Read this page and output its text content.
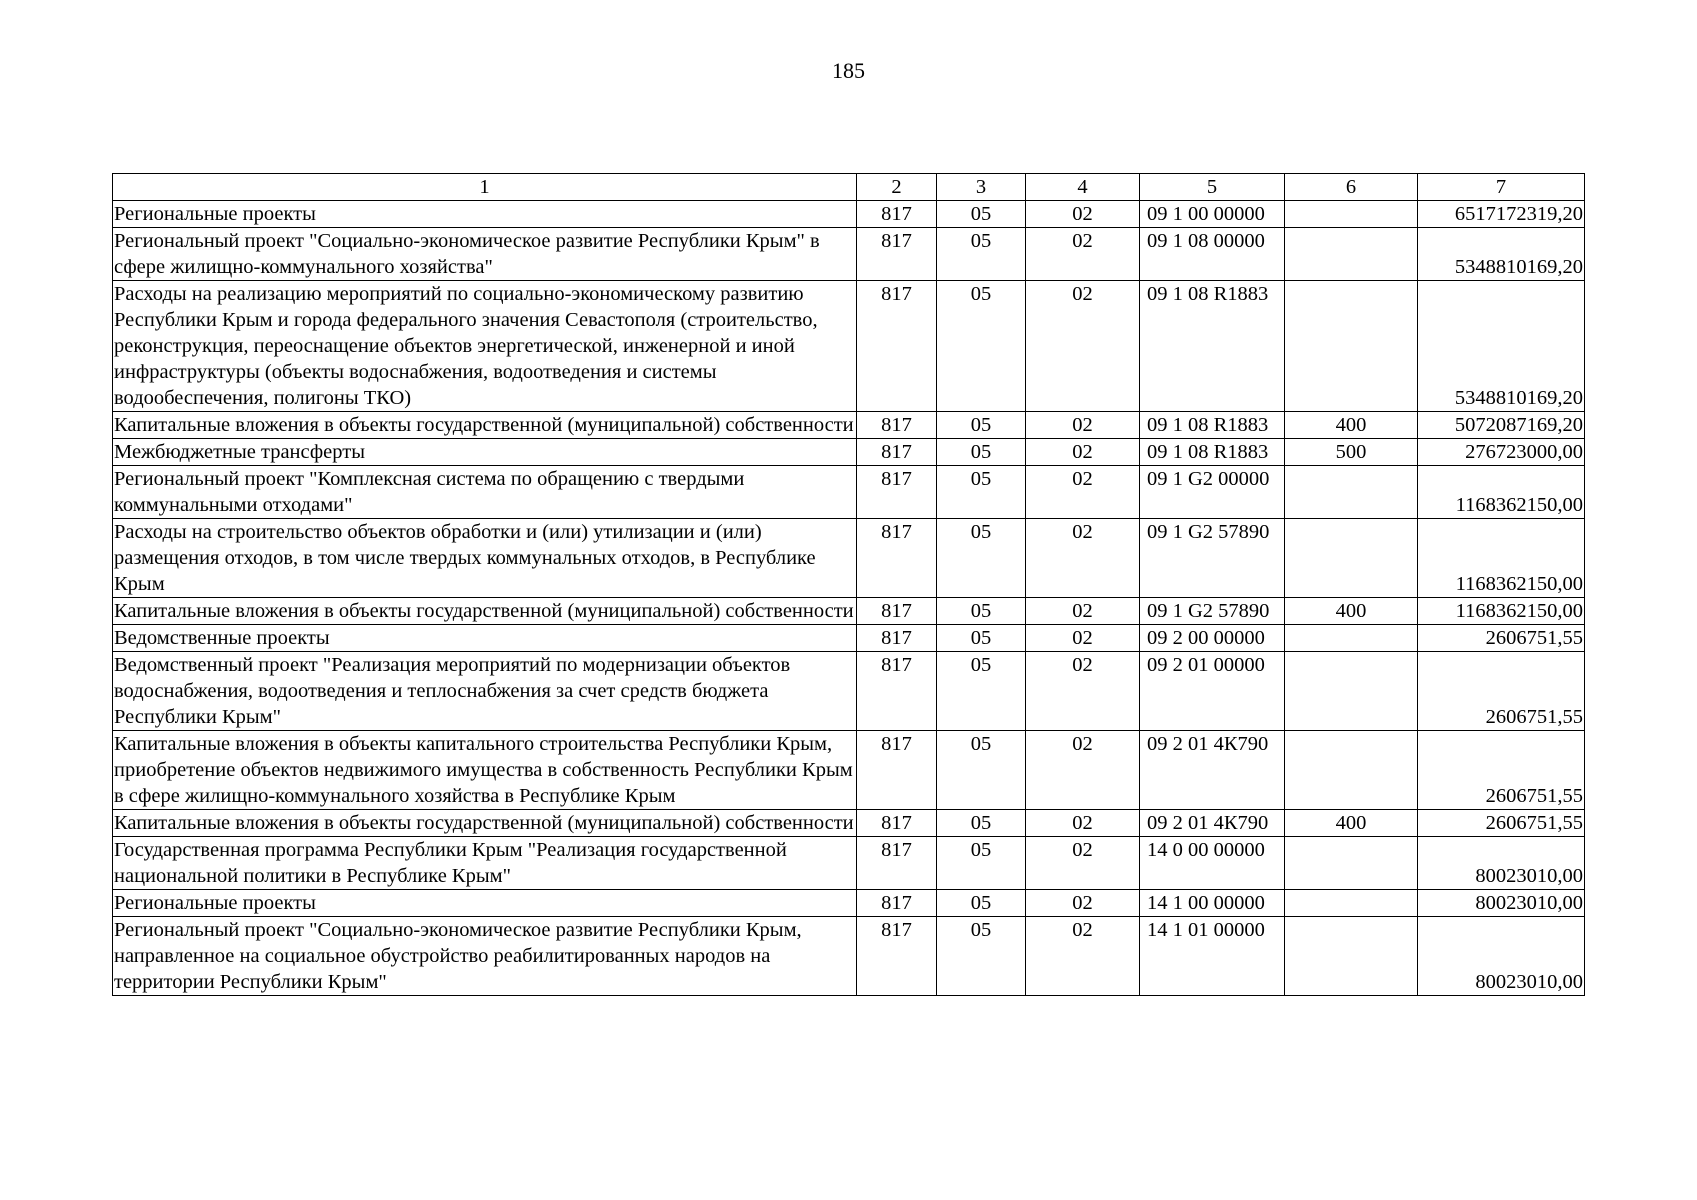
185
1	2	3	4	5	6	7
Региональные проекты	817	05	02	09 1 00 00000		6517172319,20
Региональный проект "Социально-экономическое развитие Республики Крым" в сфере жилищно-коммунального хозяйства"	817	05	02	09 1 08 00000		5348810169,20
Расходы на реализацию мероприятий по социально-экономическому развитию Республики Крым и города федерального значения Севастополя (строительство, реконструкция, переоснащение объектов энергетической, инженерной и иной инфраструктуры (объекты водоснабжения, водоотведения и системы водообеспечения, полигоны ТКО)	817	05	02	09 1 08 R1883		5348810169,20
Капитальные вложения в объекты государственной (муниципальной) собственности	817	05	02	09 1 08 R1883	400	5072087169,20
Межбюджетные трансферты	817	05	02	09 1 08 R1883	500	276723000,00
Региональный проект "Комплексная система по обращению с твердыми коммунальными отходами"	817	05	02	09 1 G2 00000		1168362150,00
Расходы на строительство объектов обработки и (или) утилизации и (или) размещения отходов, в том числе твердых коммунальных отходов, в Республике Крым	817	05	02	09 1 G2 57890		1168362150,00
Капитальные вложения в объекты государственной (муниципальной) собственности	817	05	02	09 1 G2 57890	400	1168362150,00
Ведомственные проекты	817	05	02	09 2 00 00000		2606751,55
Ведомственный проект "Реализация мероприятий по модернизации объектов водоснабжения, водоотведения и теплоснабжения за счет средств бюджета Республики Крым"	817	05	02	09 2 01 00000		2606751,55
Капитальные вложения в объекты капитального строительства Республики Крым, приобретение объектов недвижимого имущества в собственность Республики Крым в сфере жилищно-коммунального хозяйства в Республике Крым	817	05	02	09 2 01 4К790		2606751,55
Капитальные вложения в объекты государственной (муниципальной) собственности	817	05	02	09 2 01 4К790	400	2606751,55
Государственная программа Республики Крым "Реализация государственной национальной политики в Республике Крым"	817	05	02	14 0 00 00000		80023010,00
Региональные проекты	817	05	02	14 1 00 00000		80023010,00
Региональный проект "Социально-экономическое развитие Республики Крым, направленное на социальное обустройство реабилитированных народов на территории Республики Крым"	817	05	02	14 1 01 00000		80023010,00
